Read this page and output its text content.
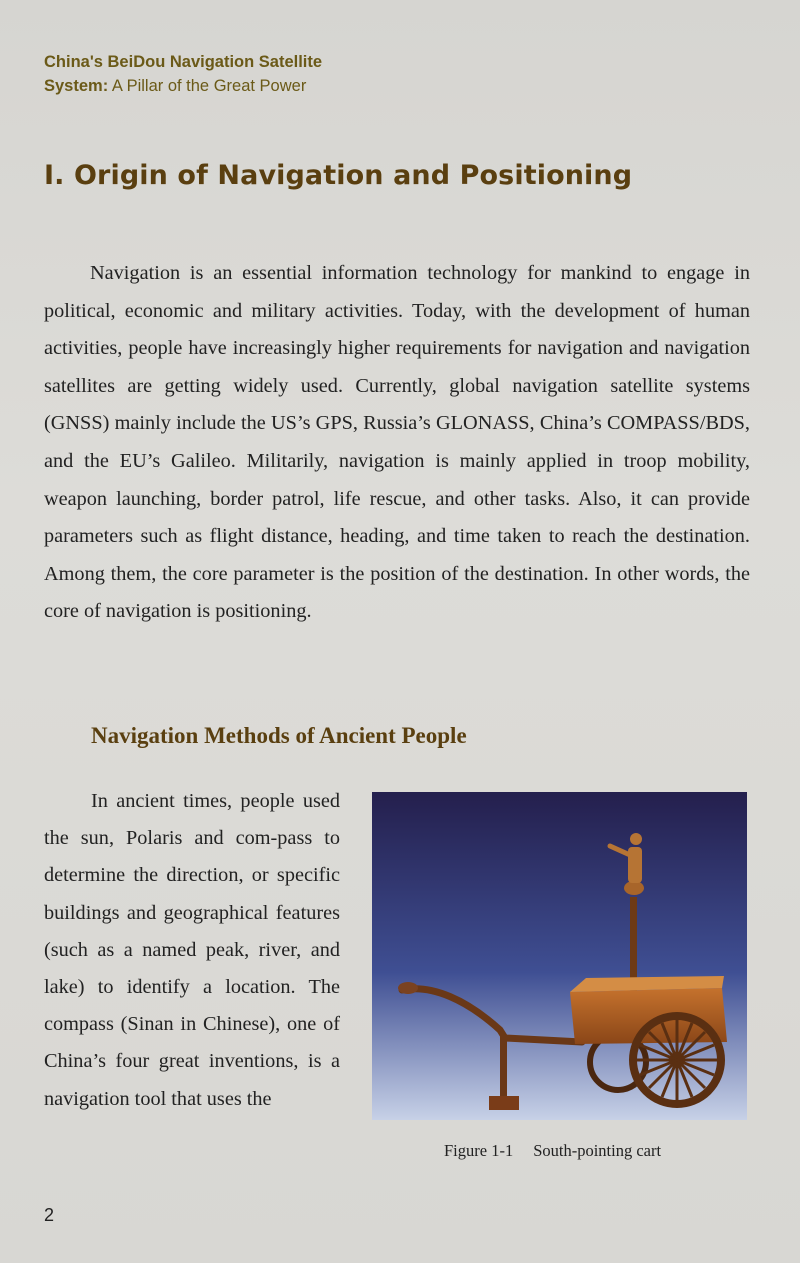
China's BeiDou Navigation Satellite
System: A Pillar of the Great Power
I. Origin of Navigation and Positioning

Navigation is an essential information technology for mankind to engage in political, economic and military activities. Today, with the development of human activities, people have increasingly higher requirements for navigation and navigation satellites are getting widely used. Currently, global navigation satellite systems (GNSS) mainly include the US’s GPS, Russia’s GLONASS, China’s COMPASS/BDS, and the EU’s Galileo. Militarily, navigation is mainly applied in troop mobility, weapon launching, border patrol, life rescue, and other tasks. Also, it can provide parameters such as flight distance, heading, and time taken to reach the destination. Among them, the core parameter is the position of the destination. In other words, the core of navigation is positioning.

Navigation Methods of Ancient People

In ancient times, people used the sun, Polaris and com-pass to determine the direction, or specific buildings and geographical features (such as a named peak, river, and lake) to identify a location. The compass (Sinan in Chinese), one of China’s four great inventions, is a navigation tool that uses the

Figure 1-1 South-pointing cart
2
